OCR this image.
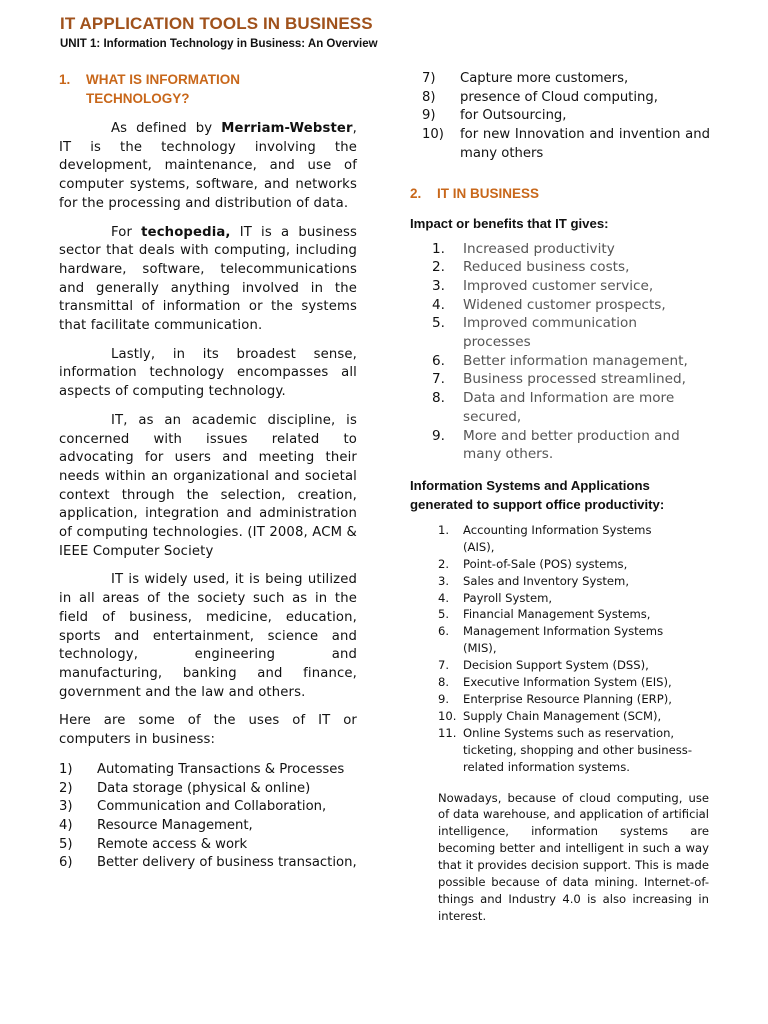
IT APPLICATION TOOLS IN BUSINESS

UNIT 1: Information Technology in Business: An Overview

1.	WHAT IS INFORMATION
TECHNOLOGY?

As defined by Merriam-Webster, IT is the technology involving the development, maintenance, and use of computer systems, software, and networks for the processing and distribution of data.

For techopedia, IT is a business sector that deals with computing, including hardware, software, telecommunications and generally anything involved in the transmittal of information or the systems that facilitate communication.

Lastly, in its broadest sense, information technology encompasses all aspects of computing technology.

IT, as an academic discipline, is concerned with issues related to advocating for users and meeting their needs within an organizational and societal context through the selection, creation, application, integration and administration of computing technologies. (IT 2008, ACM & IEEE Computer Society

IT is widely used, it is being utilized in all areas of the society such as in the field of business, medicine, education, sports and entertainment, science and technology, engineering and manufacturing, banking and finance, government and the law and others.

Here are some of the uses of IT or computers in business:

1)	Automating Transactions & Processes
2)	Data storage (physical & online)
3)	Communication and Collaboration,
4)	Resource Management,
5)	Remote access & work
6)	Better delivery of business transaction,
7)	Capture more customers,
8)	presence of Cloud computing,
9)	for Outsourcing,
10)	for new Innovation and invention and many others
2.	IT IN BUSINESS

Impact or benefits that IT gives:

1.	Increased productivity
2.	Reduced business costs,
3.	Improved customer service,
4.	Widened customer prospects,
5.	Improved communication processes
6.	Better information management,
7.	Business processed streamlined,
8.	Data and Information are more secured,
9.	More and better production and many others.

Information Systems and Applications generated to support office productivity:

1.	Accounting Information Systems (AIS),
2.	Point-of-Sale (POS) systems,
3.	Sales and Inventory System,
4.	Payroll System,
5.	Financial Management Systems,
6.	Management Information Systems (MIS),
7.	Decision Support System (DSS),
8.	Executive Information System (EIS),
9.	Enterprise Resource Planning (ERP),
10. Supply Chain Management (SCM),
11. Online Systems such as reservation, ticketing, shopping and other business-related information systems.

Nowadays, because of cloud computing, use of data warehouse, and application of artificial intelligence, information systems are becoming better and intelligent in such a way that it provides decision support. This is made possible because of data mining. Internet-of-things and Industry 4.0 is also increasing in interest.
